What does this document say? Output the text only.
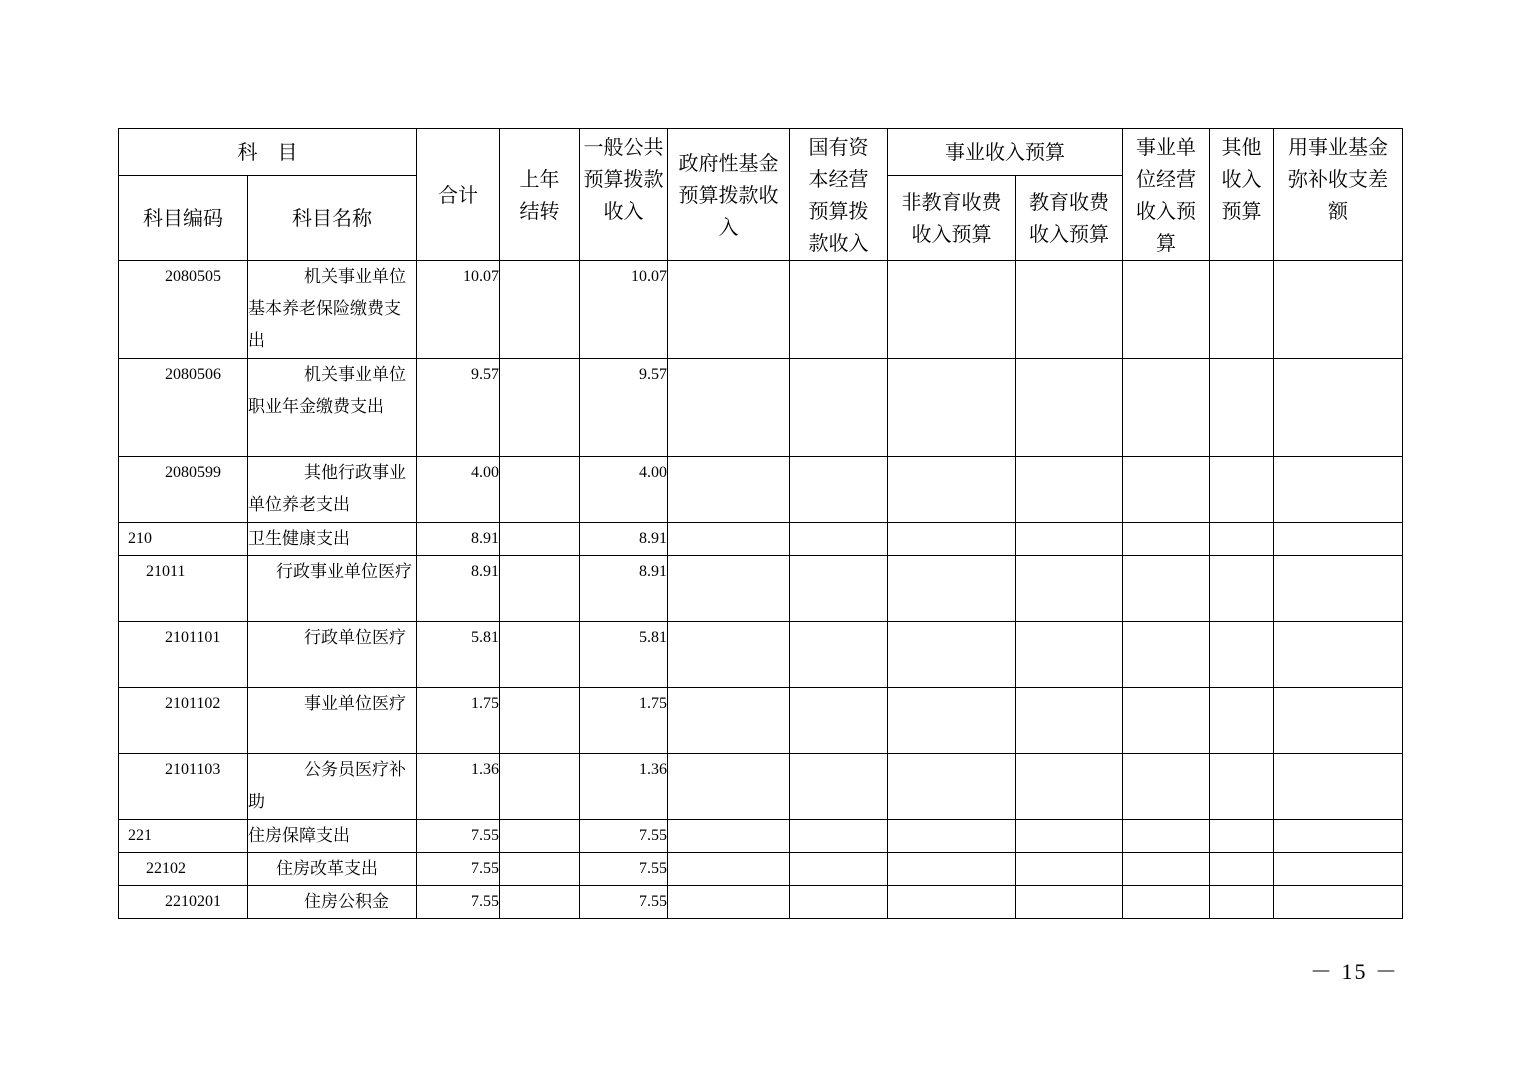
科　目		合计	上年结转	一般公共预算拨款收入	政府性基金预算拨款收入	国有资本经营预算拨款收入	事业收入预算		事业单位经营收入预算	其他收入预算	用事业基金弥补收支差额

科目编码	科目名称						非教育收费收入预算	教育收费收入预算			

2080505	机关事业单位基本养老保险缴费支出	10.07		10.07							
2080506	机关事业单位职业年金缴费支出	9.57		9.57							
2080599	其他行政事业单位养老支出	4.00		4.00							
210	卫生健康支出	8.91		8.91							
21011	行政事业单位医疗	8.91		8.91							
2101101	行政单位医疗	5.81		5.81							
2101102	事业单位医疗	1.75		1.75							
2101103	公务员医疗补助	1.36		1.36							
221	住房保障支出	7.55		7.55							
22102	住房改革支出	7.55		7.55							
2210201	住房公积金	7.55		7.55							
－ 15 －
